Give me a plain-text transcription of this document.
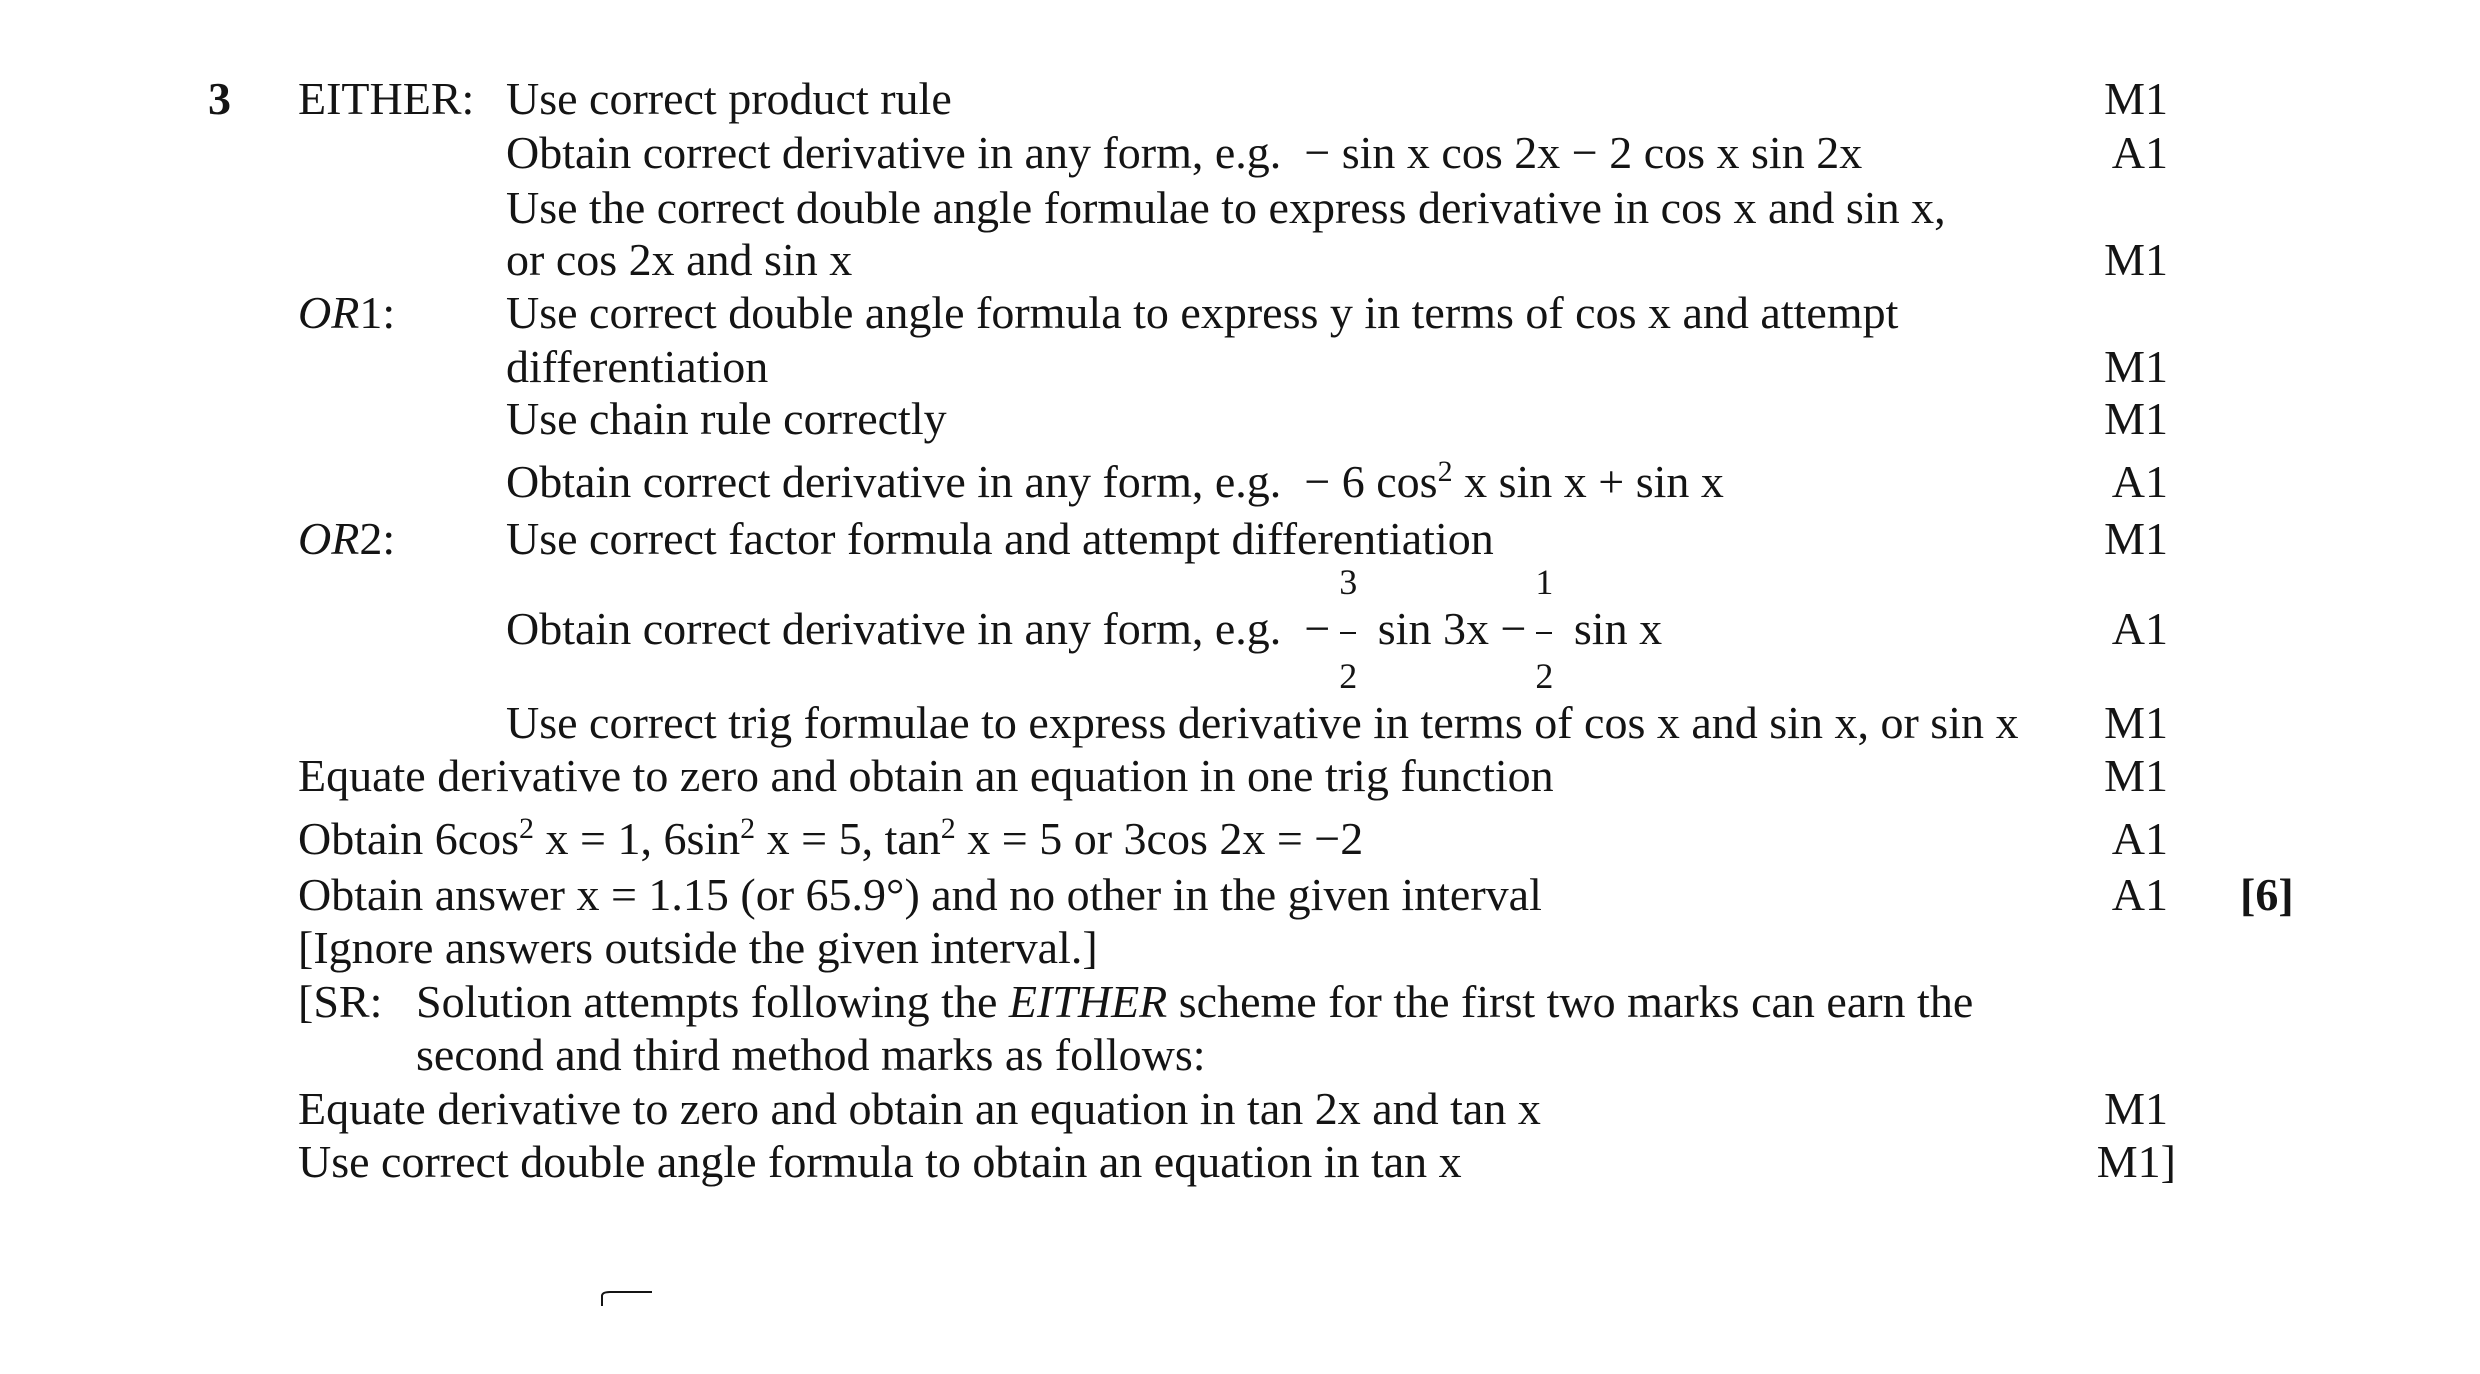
3 EITHER:
OR1:
OR2:
Use correct product rule
Obtain correct derivative in any form, e.g. − sin x cos 2x − 2 cos x sin 2x
Use the correct double angle formulae to express derivative in cos x and sin x,
or cos 2x and sin x
Use correct double angle formula to express y in terms of cos x and attempt
differentiation
Use chain rule correctly
Obtain correct derivative in any form, e.g. − 6 $\cos^2 x$ sin x + sin x
Use correct factor formula and attempt differentiation
Obtain correct derivative in any form, e.g. − $\frac{3}{2}$ $\sin 3x - \frac{1}{2}$ sin x
Use correct trig formulae to express derivative in terms of cos x and sin x, or sin x
Equate derivative to zero and obtain an equation in one trig function
Obtain $6\cos^2$ x = 1, $6\sin^2$ x = 5, $\tan^2 x = 5$ or 3cos 2x = −2
Obtain answer x = 1.15 (or 65.9°) and no other in the given interval
[Ignore answers outside the given interval.]
[SR: Solution attempts following the EITHER scheme for the first two marks can earn the
second and third method marks as follows:
Equate derivative to zero and obtain an equation in tan 2x and tan x
Use correct double angle formula to obtain an equation in tan x
M1
A1
M1
M1
M1
A1
M1
A1
M1
M1
A1
A1
M1
M1]
[6]
